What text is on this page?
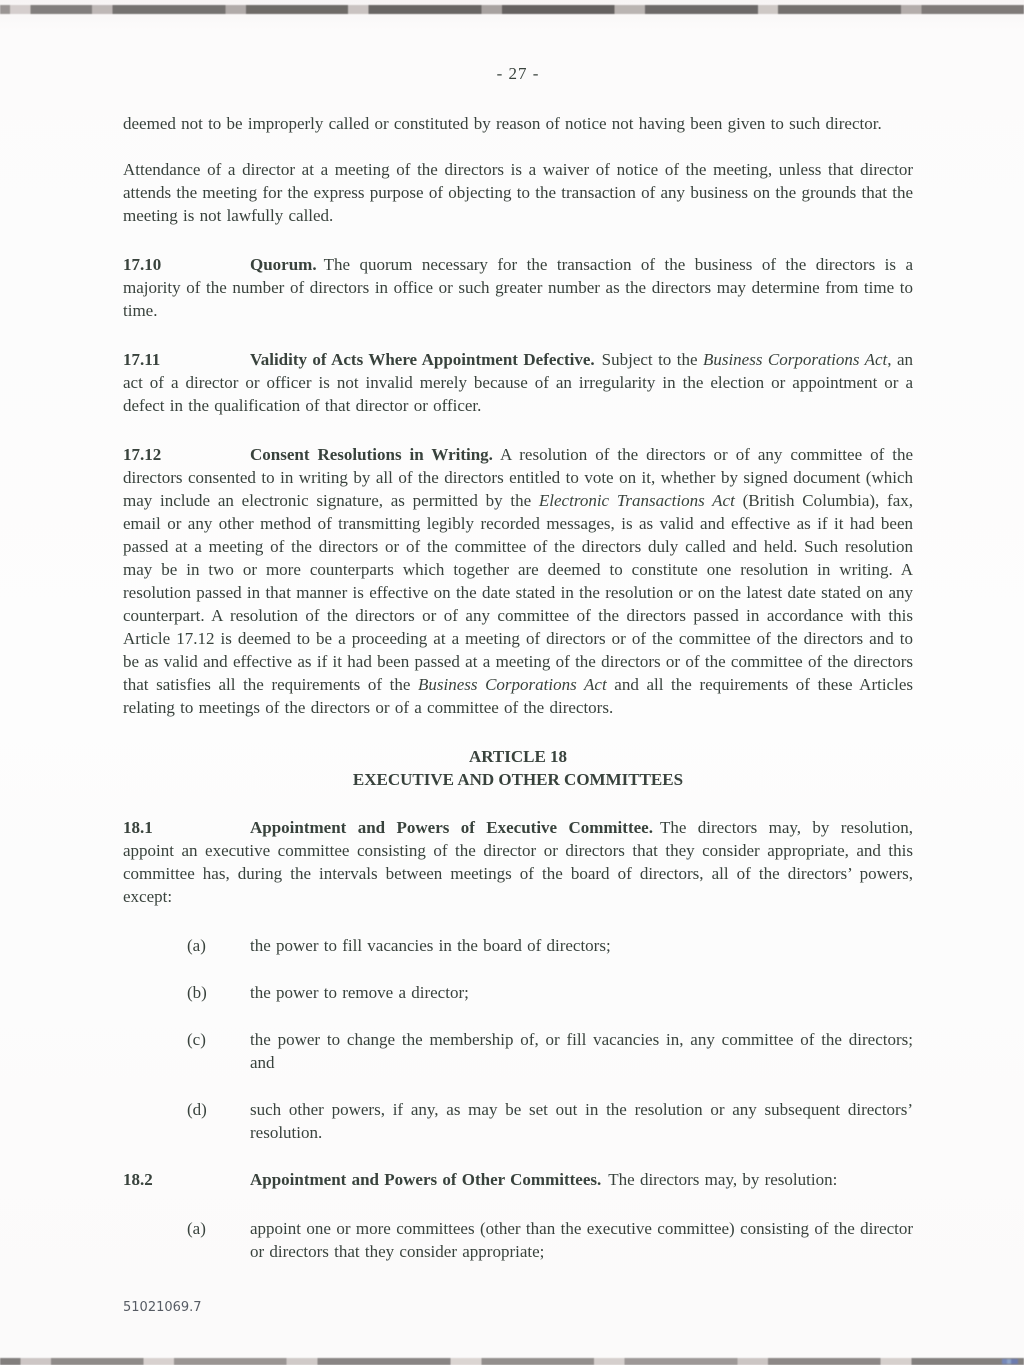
- 27 -

deemed not to be improperly called or constituted by reason of notice not having been given to such director.

Attendance of a director at a meeting of the directors is a waiver of notice of the meeting, unless that director attends the meeting for the express purpose of objecting to the transaction of any business on the grounds that the meeting is not lawfully called.

17.10	Quorum. The quorum necessary for the transaction of the business of the directors is a majority of the number of directors in office or such greater number as the directors may determine from time to time.

17.11	Validity of Acts Where Appointment Defective. Subject to the Business Corporations Act, an act of a director or officer is not invalid merely because of an irregularity in the election or appointment or a defect in the qualification of that director or officer.

17.12	Consent Resolutions in Writing. A resolution of the directors or of any committee of the directors consented to in writing by all of the directors entitled to vote on it, whether by signed document (which may include an electronic signature, as permitted by the Electronic Transactions Act (British Columbia), fax, email or any other method of transmitting legibly recorded messages, is as valid and effective as if it had been passed at a meeting of the directors or of the committee of the directors duly called and held. Such resolution may be in two or more counterparts which together are deemed to constitute one resolution in writing. A resolution passed in that manner is effective on the date stated in the resolution or on the latest date stated on any counterpart. A resolution of the directors or of any committee of the directors passed in accordance with this Article 17.12 is deemed to be a proceeding at a meeting of directors or of the committee of the directors and to be as valid and effective as if it had been passed at a meeting of the directors or of the committee of the directors that satisfies all the requirements of the Business Corporations Act and all the requirements of these Articles relating to meetings of the directors or of a committee of the directors.

ARTICLE 18
EXECUTIVE AND OTHER COMMITTEES

18.1	Appointment and Powers of Executive Committee. The directors may, by resolution, appoint an executive committee consisting of the director or directors that they consider appropriate, and this committee has, during the intervals between meetings of the board of directors, all of the directors’ powers, except:

(a)	the power to fill vacancies in the board of directors;
(b)	the power to remove a director;
(c)	the power to change the membership of, or fill vacancies in, any committee of the directors; and
(d)	such other powers, if any, as may be set out in the resolution or any subsequent directors’ resolution.

18.2	Appointment and Powers of Other Committees. The directors may, by resolution:

(a)	appoint one or more committees (other than the executive committee) consisting of the director or directors that they consider appropriate;
51021069.7
